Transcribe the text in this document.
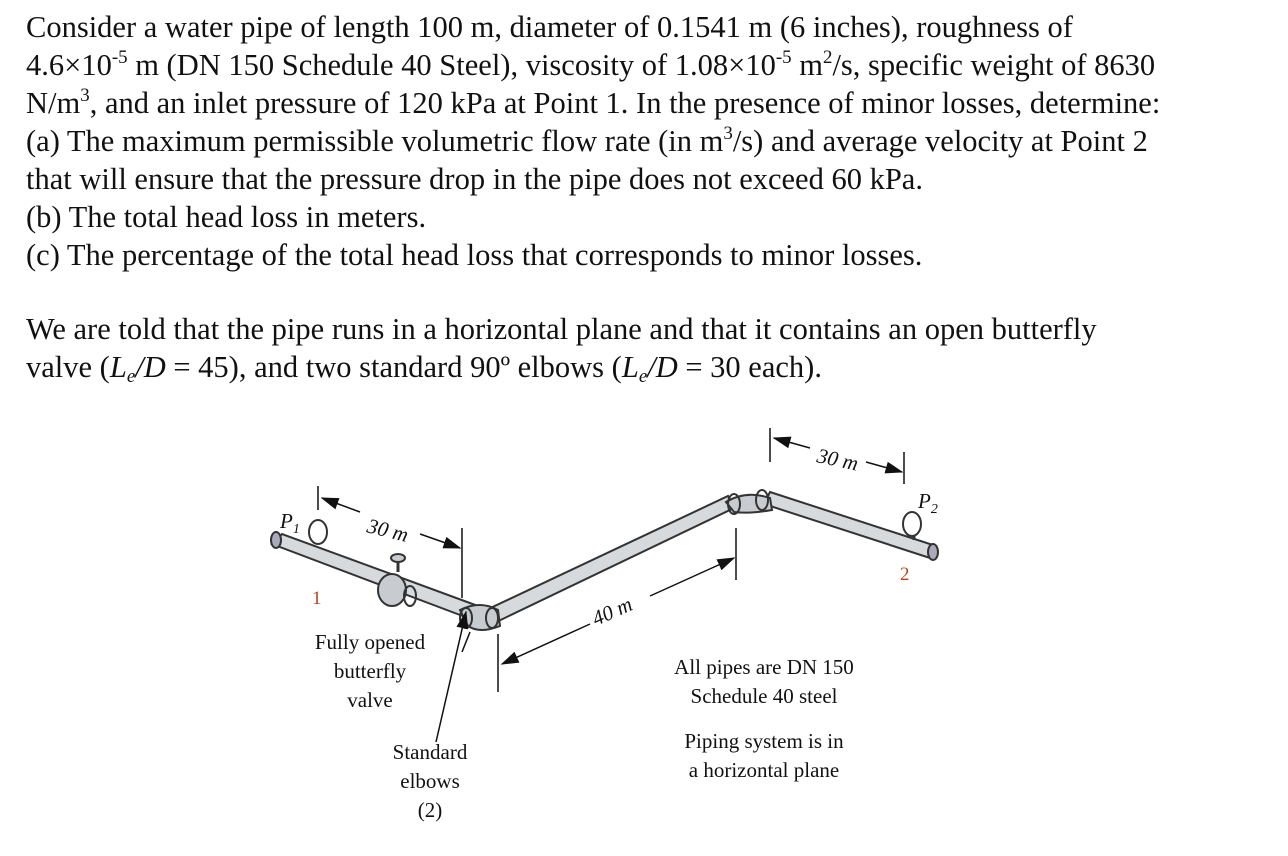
Consider a water pipe of length 100 m, diameter of 0.1541 m (6 inches), roughness of

$4.6\times 10^{-5}$ m (DN 150 Schedule 40 Steel), viscosity of $1.08\times 10^{-5}$ $m^2/s$, specific weight of 8630

$N/m^3$, and an inlet pressure of 120 kPa at Point 1. In the presence of minor losses, determine:

(a) The maximum permissible volumetric flow rate (in $m^3/s$) and average velocity at Point 2

that will ensure that the pressure drop in the pipe does not exceed 60 kPa.

(b) The total head loss in meters.

(c) The percentage of the total head loss that corresponds to minor losses.

We are told that the pipe runs in a horizontal plane and that it contains an open butterfly

valve $(L_e/D = 45)$, and two standard 90º elbows ($L_e/D = 30$ each).

$P_1$
$P_2$
1
2
30 m
40 m
30 m
Fully opened
butterfly
valve
Standard
elbows
(2)
All pipes are DN 150
Schedule 40 steel
Piping system is in
a horizontal plane
